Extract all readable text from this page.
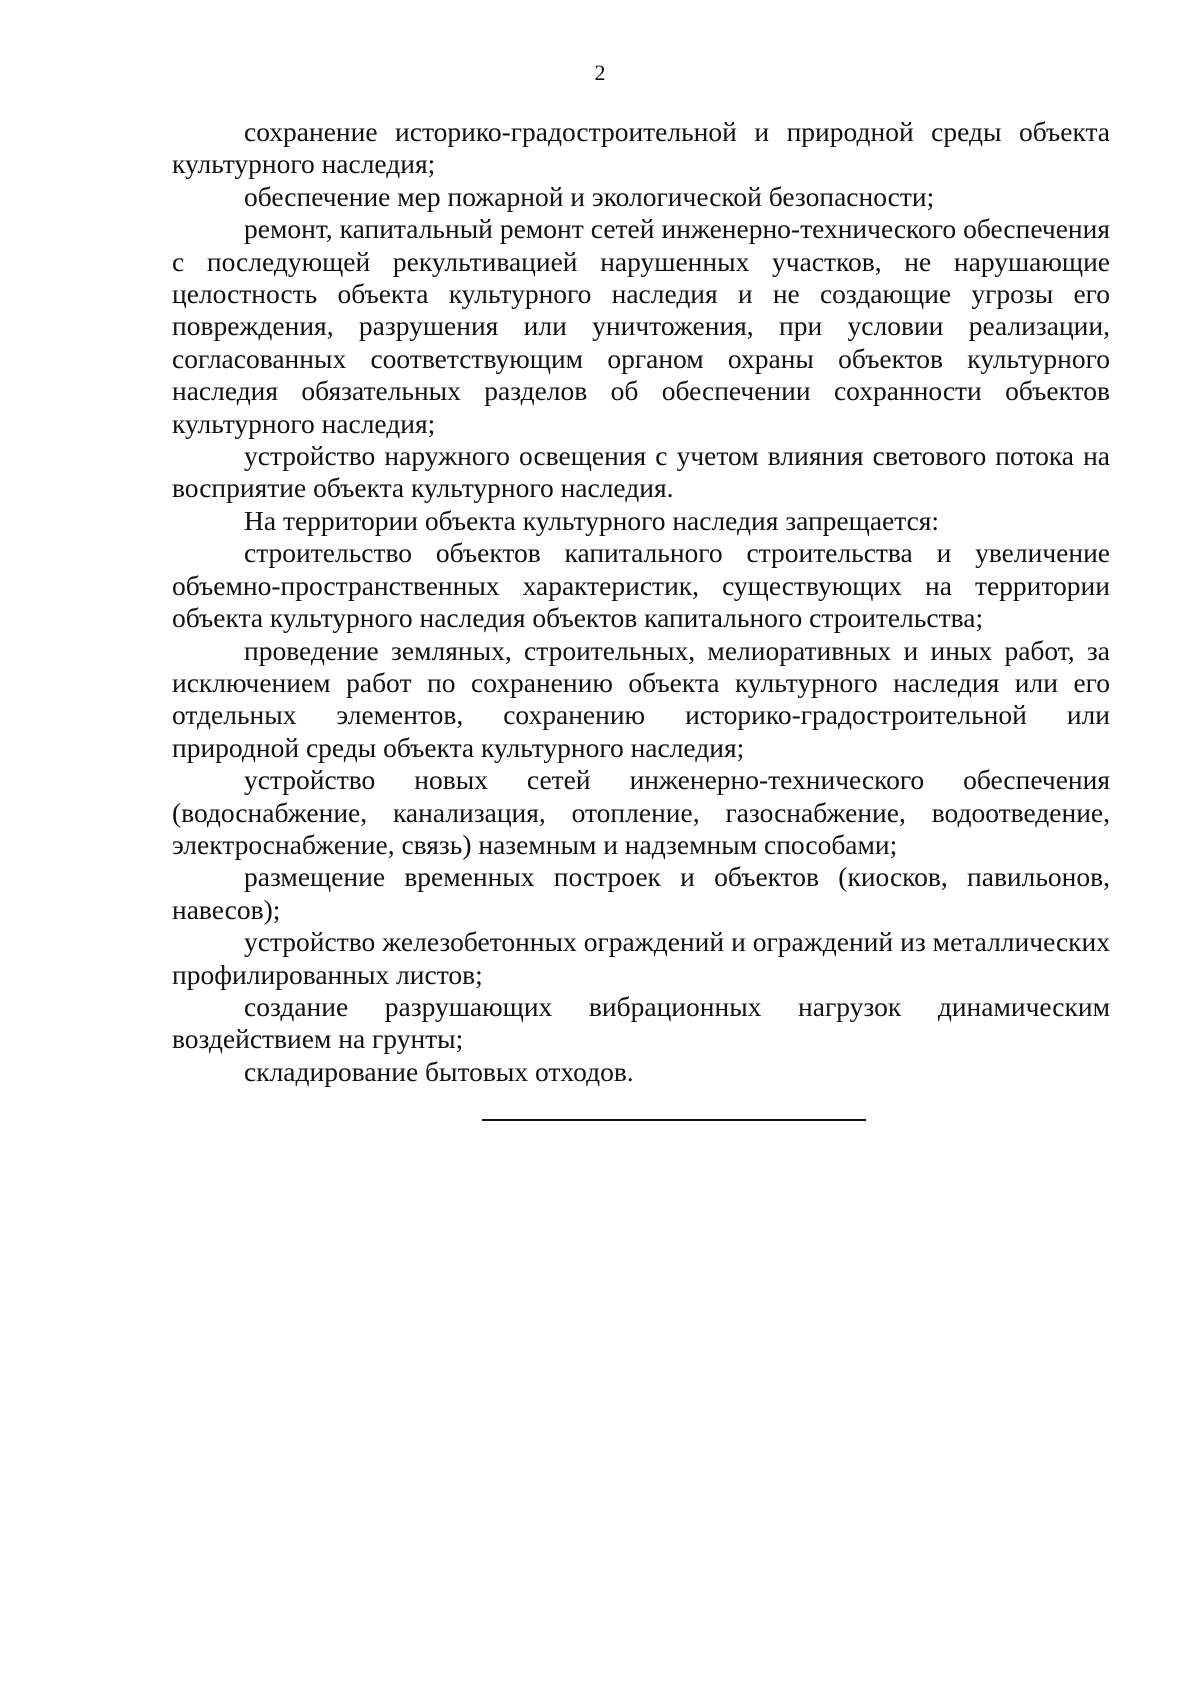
2

сохранение историко-градостроительной и природной среды объекта культурного наследия;

обеспечение мер пожарной и экологической безопасности;

ремонт, капитальный ремонт сетей инженерно-технического обеспечения с последующей рекультивацией нарушенных участков, не нарушающие целостность объекта культурного наследия и не создающие угрозы его повреждения, разрушения или уничтожения, при условии реализации, согласованных соответствующим органом охраны объектов культурного наследия обязательных разделов об обеспечении сохранности объектов культурного наследия;

устройство наружного освещения с учетом влияния светового потока на восприятие объекта культурного наследия.

На территории объекта культурного наследия запрещается:

строительство объектов капитального строительства и увеличение объемно-пространственных характеристик, существующих на территории объекта культурного наследия объектов капитального строительства;

проведение земляных, строительных, мелиоративных и иных работ, за исключением работ по сохранению объекта культурного наследия или его отдельных элементов, сохранению историко-градостроительной или природной среды объекта культурного наследия;

устройство новых сетей инженерно-технического обеспечения (водоснабжение, канализация, отопление, газоснабжение, водоотведение, электроснабжение, связь) наземным и надземным способами;

размещение временных построек и объектов (киосков, павильонов, навесов);

устройство железобетонных ограждений и ограждений из металлических профилированных листов;

создание разрушающих вибрационных нагрузок динамическим воздействием на грунты;

складирование бытовых отходов.
